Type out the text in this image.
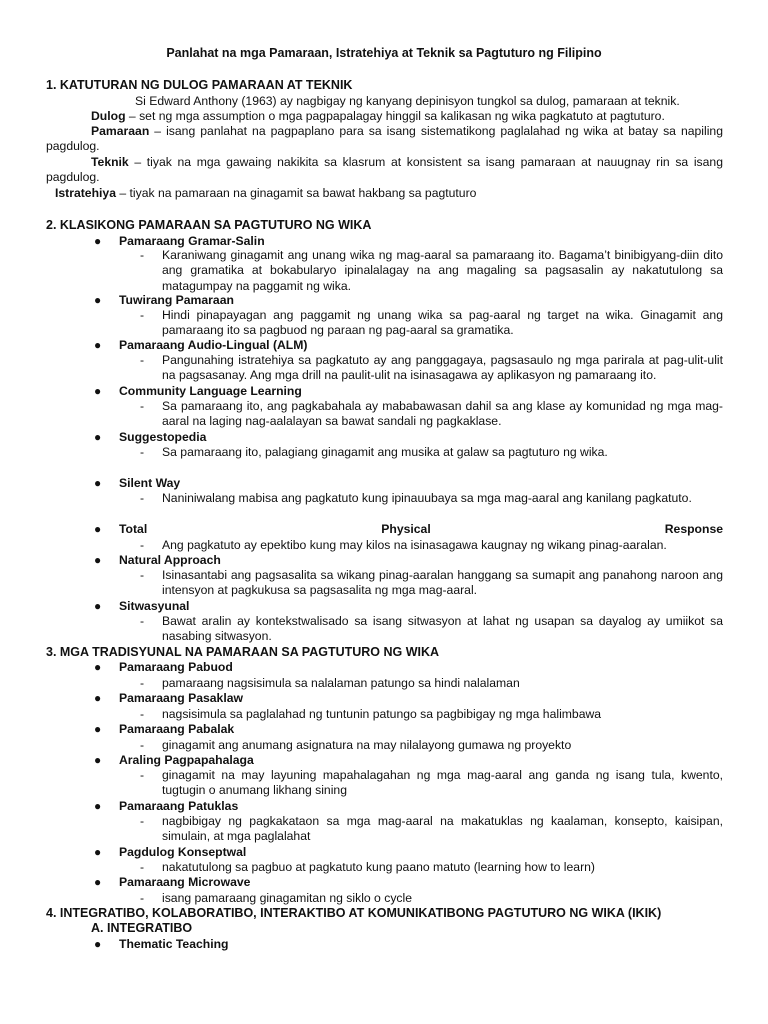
Panlahat na mga Pamaraan, Istratehiya at Teknik sa Pagtuturo ng Filipino
1. KATUTURAN NG DULOG PAMARAAN AT TEKNIK
Si Edward Anthony (1963) ay nagbigay ng kanyang depinisyon tungkol sa dulog, pamaraan at teknik.
Dulog – set ng mga assumption o mga pagpapalagay hinggil sa kalikasan ng wika pagkatuto at pagtuturo.
Pamaraan – isang panlahat na pagpaplano para sa isang sistematikong paglalahad ng wika at batay sa napiling pagdulog.
Teknik – tiyak na mga gawaing nakikita sa klasrum at konsistent sa isang pamaraan at nauugnay rin sa isang pagdulog.
Istratehiya – tiyak na pamaraan na ginagamit sa bawat hakbang sa pagtuturo
2. KLASIKONG PAMARAAN SA PAGTUTURO NG WIKA
● Pamaraang Gramar-Salin
- Karaniwang ginagamit ang unang wika ng mag-aaral sa pamaraang ito. Bagama’t binibigyang-diin dito ang gramatika at bokabularyo ipinalalagay na ang magaling sa pagsasalin ay nakatutulong sa matagumpay na paggamit ng wika.
● Tuwirang Pamaraan
- Hindi pinapayagan ang paggamit ng unang wika sa pag-aaral ng target na wika. Ginagamit ang pamaraang ito sa pagbuod ng paraan ng pag-aaral sa gramatika.
● Pamaraang Audio-Lingual (ALM)
- Pangunahing istratehiya sa pagkatuto ay ang panggagaya, pagsasaulo ng mga parirala at pag-ulit-ulit na pagsasanay. Ang mga drill na paulit-ulit na isinasagawa ay aplikasyon ng pamaraang ito.
● Community Language Learning
- Sa pamaraang ito, ang pagkabahala ay mababawasan dahil sa ang klase ay komunidad ng mga mag-aaral na laging nag-aalalayan sa bawat sandali ng pagkaklase.
● Suggestopedia
- Sa pamaraang ito, palagiang ginagamit ang musika at galaw sa pagtuturo ng wika.
● Silent Way
- Naniniwalang mabisa ang pagkatuto kung ipinauubaya sa mga mag-aaral ang kanilang pagkatuto.
● Total	Physical	Response
- Ang pagkatuto ay epektibo kung may kilos na isinasagawa kaugnay ng wikang pinag-aaralan.
● Natural Approach
- Isinasantabi ang pagsasalita sa wikang pinag-aaralan hanggang sa sumapit ang panahong naroon ang intensyon at pagkukusa sa pagsasalita ng mga mag-aaral.
● Sitwasyunal
- Bawat aralin ay kontekstwalisado sa isang sitwasyon at lahat ng usapan sa dayalog ay umiikot sa nasabing sitwasyon.
3. MGA TRADISYUNAL NA PAMARAAN SA PAGTUTURO NG WIKA
● Pamaraang Pabuod
- pamaraang nagsisimula sa nalalaman patungo sa hindi nalalaman
● Pamaraang Pasaklaw
- nagsisimula sa paglalahad ng tuntunin patungo sa pagbibigay ng mga halimbawa
● Pamaraang Pabalak
- ginagamit ang anumang asignatura na may nilalayong gumawa ng proyekto
● Araling Pagpapahalaga
- ginagamit na may layuning mapahalagahan ng mga mag-aaral ang ganda ng isang tula, kwento, tugtugin o anumang likhang sining
● Pamaraang Patuklas
- nagbibigay ng pagkakataon sa mga mag-aaral na makatuklas ng kaalaman, konsepto, kaisipan, simulain, at mga paglalahat
● Pagdulog Konseptwal
- nakatutulong sa pagbuo at pagkatuto kung paano matuto (learning how to learn)
● Pamaraang Microwave
- isang pamaraang ginagamitan ng siklo o cycle
4. INTEGRATIBO, KOLABORATIBO, INTERAKTIBO AT KOMUNIKATIBONG PAGTUTURO NG WIKA (IKIK)
A. INTEGRATIBO
● Thematic Teaching
